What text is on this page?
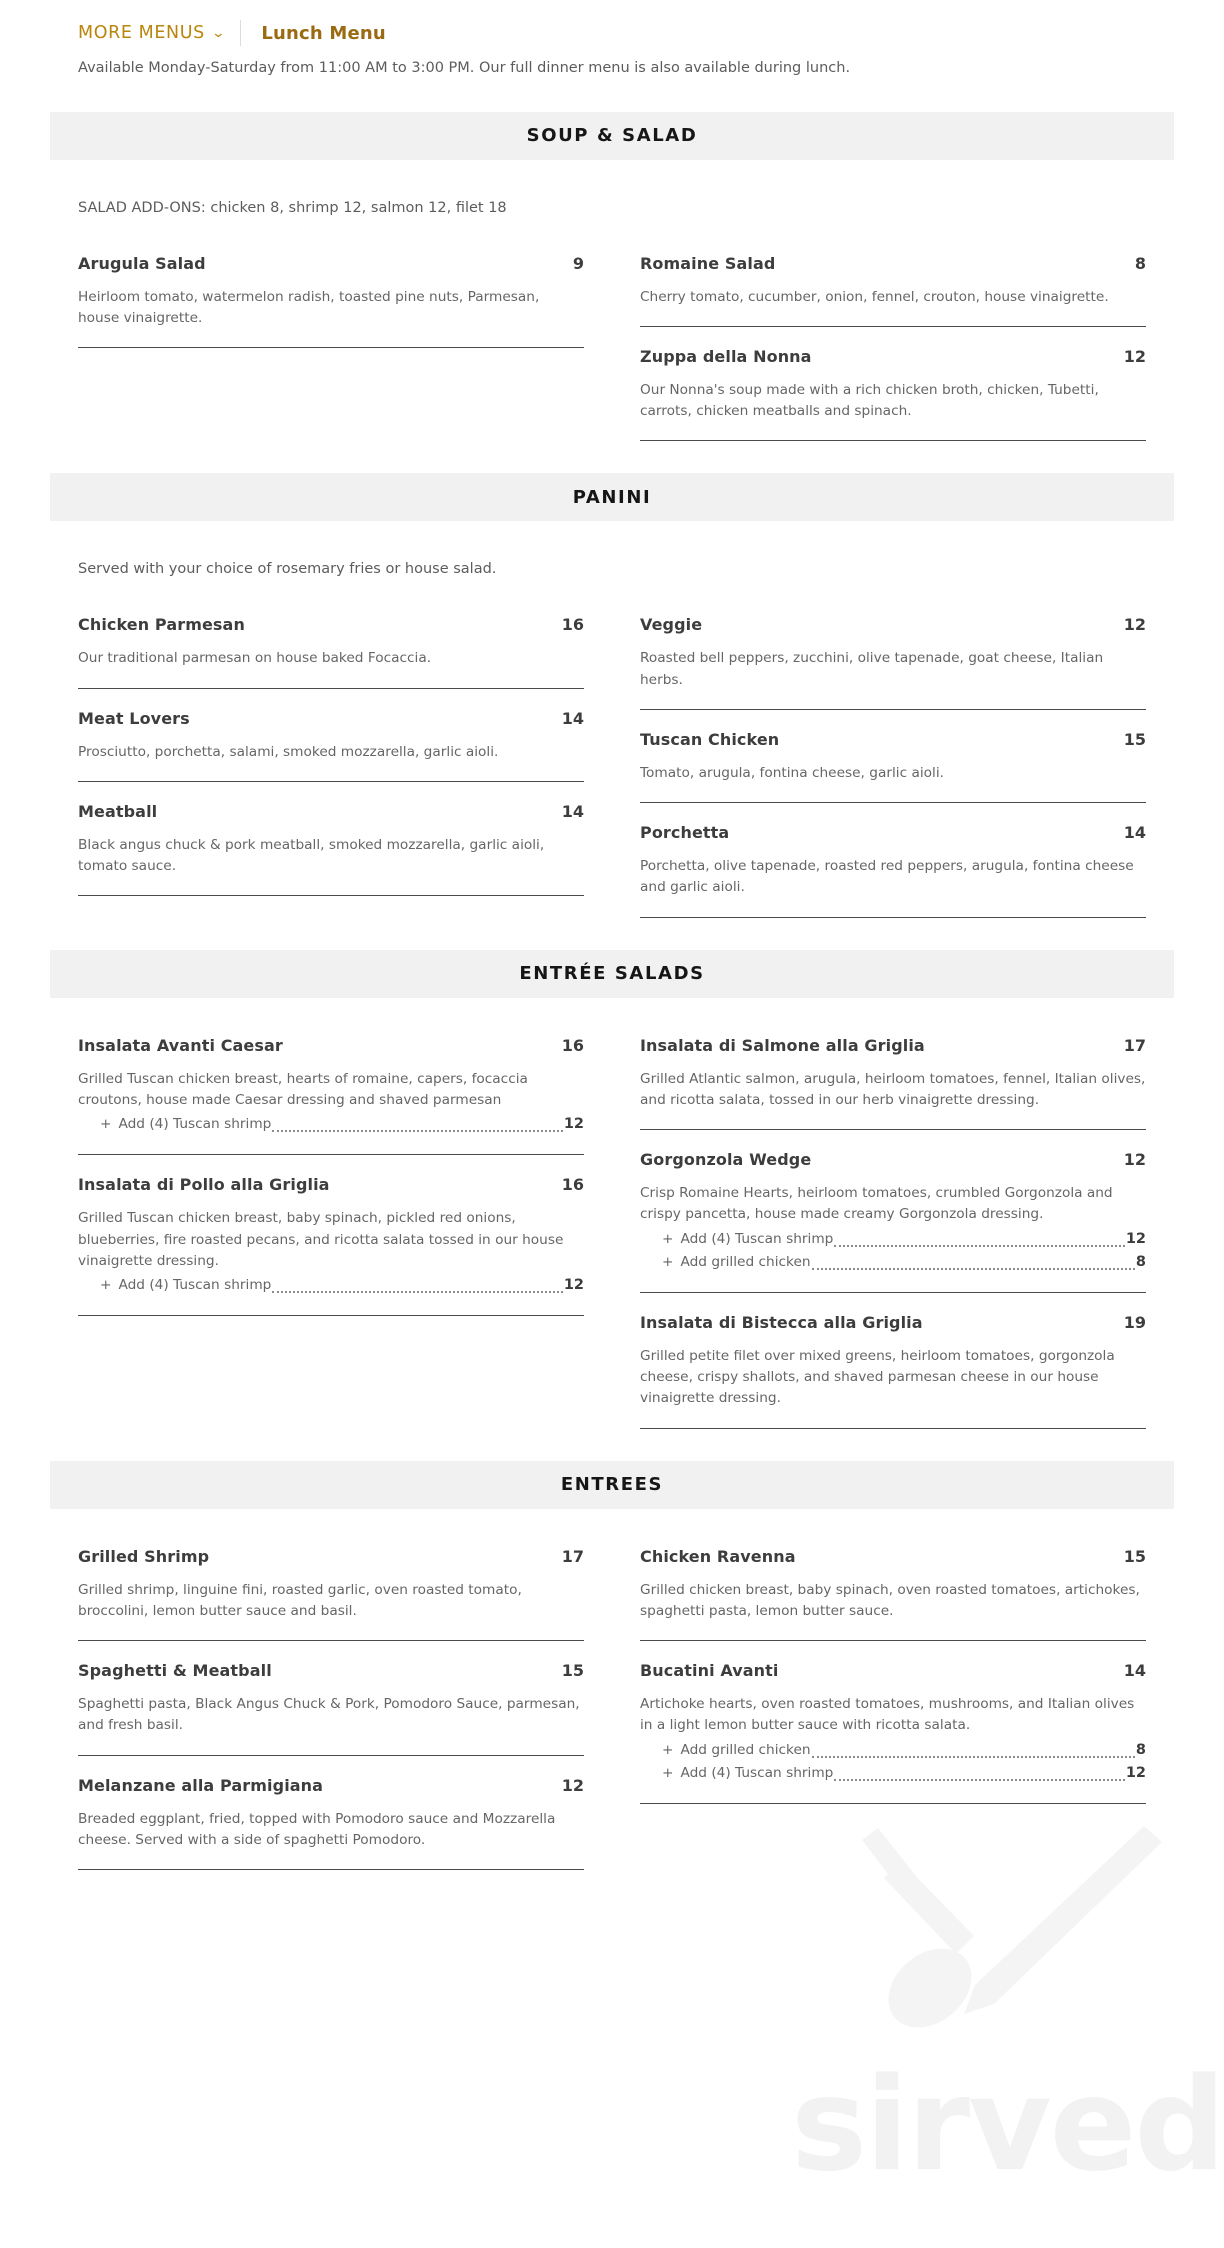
sirved
MORE MENUS ⌄ Lunch Menu
Available Monday-Saturday from 11:00 AM to 3:00 PM. Our full dinner menu is also available during lunch.
SOUP & SALAD
SALAD ADD-ONS: chicken 8, shrimp 12, salmon 12, filet 18
Arugula Salad	9
Heirloom tomato, watermelon radish, toasted pine nuts, Parmesan, house vinaigrette.
Romaine Salad	8
Cherry tomato, cucumber, onion, fennel, crouton, house vinaigrette.
Zuppa della Nonna	12
Our Nonna's soup made with a rich chicken broth, chicken, Tubetti, carrots, chicken meatballs and spinach.
PANINI
Served with your choice of rosemary fries or house salad.
Chicken Parmesan	16
Our traditional parmesan on house baked Focaccia.
Meat Lovers	14
Prosciutto, porchetta, salami, smoked mozzarella, garlic aioli.
Meatball	14
Black angus chuck & pork meatball, smoked mozzarella, garlic aioli, tomato sauce.
Veggie	12
Roasted bell peppers, zucchini, olive tapenade, goat cheese, Italian herbs.
Tuscan Chicken	15
Tomato, arugula, fontina cheese, garlic aioli.
Porchetta	14
Porchetta, olive tapenade, roasted red peppers, arugula, fontina cheese and garlic aioli.
ENTRÉE SALADS
Insalata Avanti Caesar	16
Grilled Tuscan chicken breast, hearts of romaine, capers, focaccia croutons, house made Caesar dressing and shaved parmesan
+ Add (4) Tuscan shrimp	12
Insalata di Pollo alla Griglia	16
Grilled Tuscan chicken breast, baby spinach, pickled red onions, blueberries, fire roasted pecans, and ricotta salata tossed in our house vinaigrette dressing.
+ Add (4) Tuscan shrimp	12
Insalata di Salmone alla Griglia	17
Grilled Atlantic salmon, arugula, heirloom tomatoes, fennel, Italian olives, and ricotta salata, tossed in our herb vinaigrette dressing.
Gorgonzola Wedge	12
Crisp Romaine Hearts, heirloom tomatoes, crumbled Gorgonzola and crispy pancetta, house made creamy Gorgonzola dressing.
+ Add (4) Tuscan shrimp	12
+ Add grilled chicken	8
Insalata di Bistecca alla Griglia	19
Grilled petite filet over mixed greens, heirloom tomatoes, gorgonzola cheese, crispy shallots, and shaved parmesan cheese in our house vinaigrette dressing.
ENTREES
Grilled Shrimp	17
Grilled shrimp, linguine fini, roasted garlic, oven roasted tomato, broccolini, lemon butter sauce and basil.
Spaghetti & Meatball	15
Spaghetti pasta, Black Angus Chuck & Pork, Pomodoro Sauce, parmesan, and fresh basil.
Melanzane alla Parmigiana	12
Breaded eggplant, fried, topped with Pomodoro sauce and Mozzarella cheese. Served with a side of spaghetti Pomodoro.
Chicken Ravenna	15
Grilled chicken breast, baby spinach, oven roasted tomatoes, artichokes, spaghetti pasta, lemon butter sauce.
Bucatini Avanti	14
Artichoke hearts, oven roasted tomatoes, mushrooms, and Italian olives in a light lemon butter sauce with ricotta salata.
+ Add grilled chicken	8
+ Add (4) Tuscan shrimp	12
